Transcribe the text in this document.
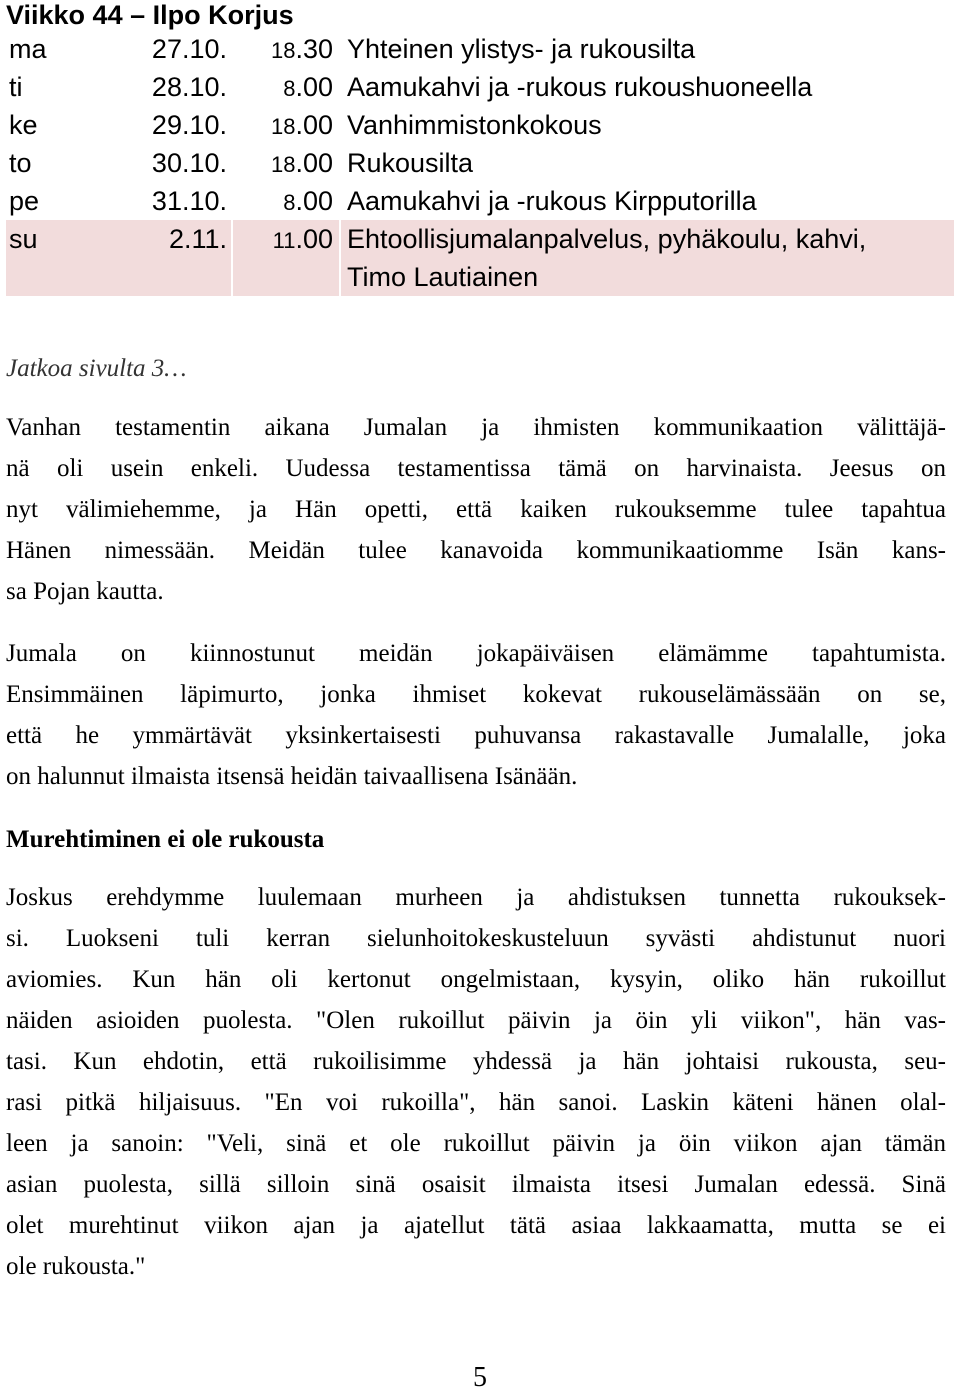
Viikko 44 – Ilpo Korjus
ma	27.10.	18.30 Yhteinen ylistys- ja rukousilta
ti	28.10.	8.00 Aamukahvi ja -rukous rukoushuoneella
ke	29.10.	18.00 Vanhimmistonkokous
to	30.10.	18.00 Rukousilta
pe	31.10.	8.00 Aamukahvi ja -rukous Kirpputorilla
su	2.11.	11.00 Ehtoollisjumalanpalvelus, pyhäkoulu, kahvi,
Timo Lautiainen

Jatkoa sivulta 3…

Vanhan testamentin aikana Jumalan ja ihmisten kommunikaation välittäjä-
nä oli usein enkeli. Uudessa testamentissa tämä on harvinaista. Jeesus on
nyt välimiehemme, ja Hän opetti, että kaiken rukouksemme tulee tapahtua
Hänen nimessään. Meidän tulee kanavoida kommunikaatiomme Isän kans-
sa Pojan kautta.
Jumala on kiinnostunut meidän jokapäiväisen elämämme tapahtumista.
Ensimmäinen läpimurto, jonka ihmiset kokevat rukouselämässään on se,
että he ymmärtävät yksinkertaisesti puhuvansa rakastavalle Jumalalle, joka
on halunnut ilmaista itsensä heidän taivaallisena Isänään.
Murehtiminen ei ole rukousta
Joskus erehdymme luulemaan murheen ja ahdistuksen tunnetta rukouksek-
si. Luokseni tuli kerran sielunhoitokeskusteluun syvästi ahdistunut nuori
aviomies. Kun hän oli kertonut ongelmistaan, kysyin, oliko hän rukoillut
näiden asioiden puolesta. "Olen rukoillut päivin ja öin yli viikon", hän vas-
tasi. Kun ehdotin, että rukoilisimme yhdessä ja hän johtaisi rukousta, seu-
rasi pitkä hiljaisuus. "En voi rukoilla", hän sanoi. Laskin käteni hänen olal-
leen ja sanoin: "Veli, sinä et ole rukoillut päivin ja öin viikon ajan tämän
asian puolesta, sillä silloin sinä osaisit ilmaista itsesi Jumalan edessä. Sinä
olet murehtinut viikon ajan ja ajatellut tätä asiaa lakkaamatta, mutta se ei
ole rukousta."
5
